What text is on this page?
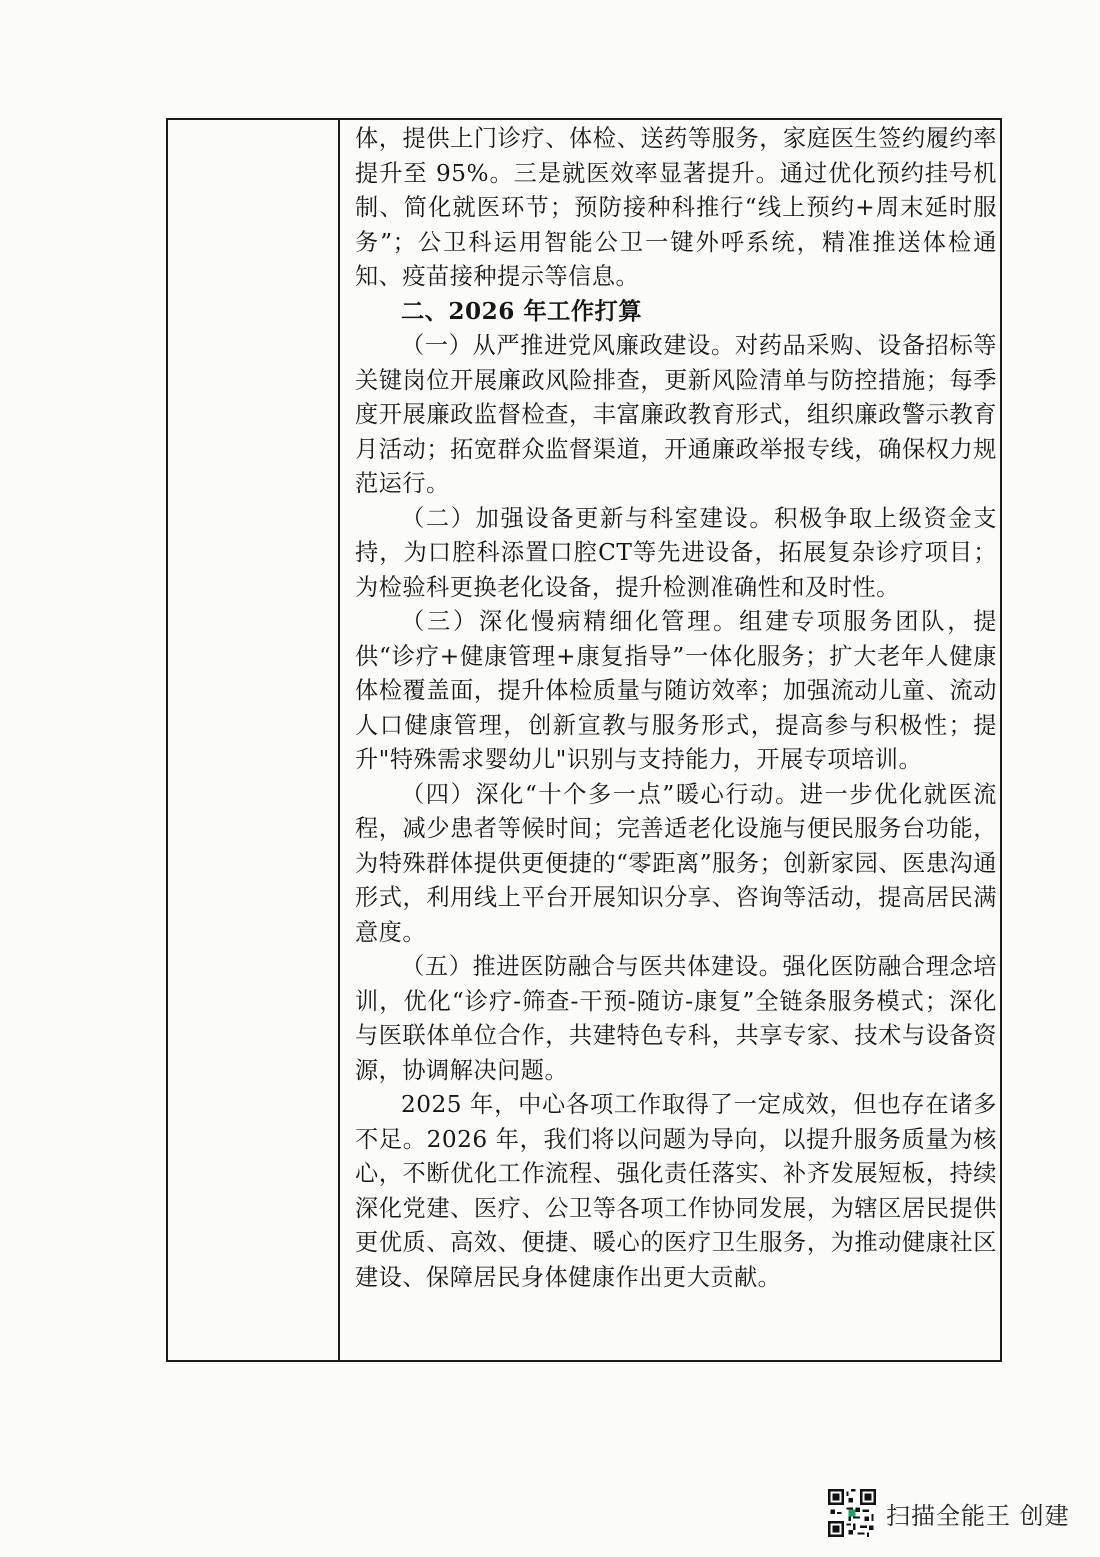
体，提供上门诊疗、体检、送药等服务，家庭医生签约履约率提升至 95%。三是就医效率显著提升。通过优化预约挂号机制、简化就医环节；预防接种科推行“线上预约+周末延时服务”；公卫科运用智能公卫一键外呼系统，精准推送体检通知、疫苗接种提示等信息。

二、2026 年工作打算

（一）从严推进党风廉政建设。对药品采购、设备招标等关键岗位开展廉政风险排查，更新风险清单与防控措施；每季度开展廉政监督检查，丰富廉政教育形式，组织廉政警示教育月活动；拓宽群众监督渠道，开通廉政举报专线，确保权力规范运行。

（二）加强设备更新与科室建设。积极争取上级资金支持，为口腔科添置口腔CT等先进设备，拓展复杂诊疗项目；为检验科更换老化设备，提升检测准确性和及时性。

（三）深化慢病精细化管理。组建专项服务团队，提供“诊疗+健康管理+康复指导”一体化服务；扩大老年人健康体检覆盖面，提升体检质量与随访效率；加强流动儿童、流动人口健康管理，创新宣教与服务形式，提高参与积极性；提升"特殊需求婴幼儿"识别与支持能力，开展专项培训。

（四）深化“十个多一点”暖心行动。进一步优化就医流程，减少患者等候时间；完善适老化设施与便民服务台功能，为特殊群体提供更便捷的“零距离”服务；创新家园、医患沟通形式，利用线上平台开展知识分享、咨询等活动，提高居民满意度。

（五）推进医防融合与医共体建设。强化医防融合理念培训，优化“诊疗-筛查-干预-随访-康复”全链条服务模式；深化与医联体单位合作，共建特色专科，共享专家、技术与设备资源，协调解决问题。

2025 年，中心各项工作取得了一定成效，但也存在诸多不足。2026 年，我们将以问题为导向，以提升服务质量为核心，不断优化工作流程、强化责任落实、补齐发展短板，持续深化党建、医疗、公卫等各项工作协同发展，为辖区居民提供更优质、高效、便捷、暖心的医疗卫生服务，为推动健康社区建设、保障居民身体健康作出更大贡献。

扫描全能王 创建
